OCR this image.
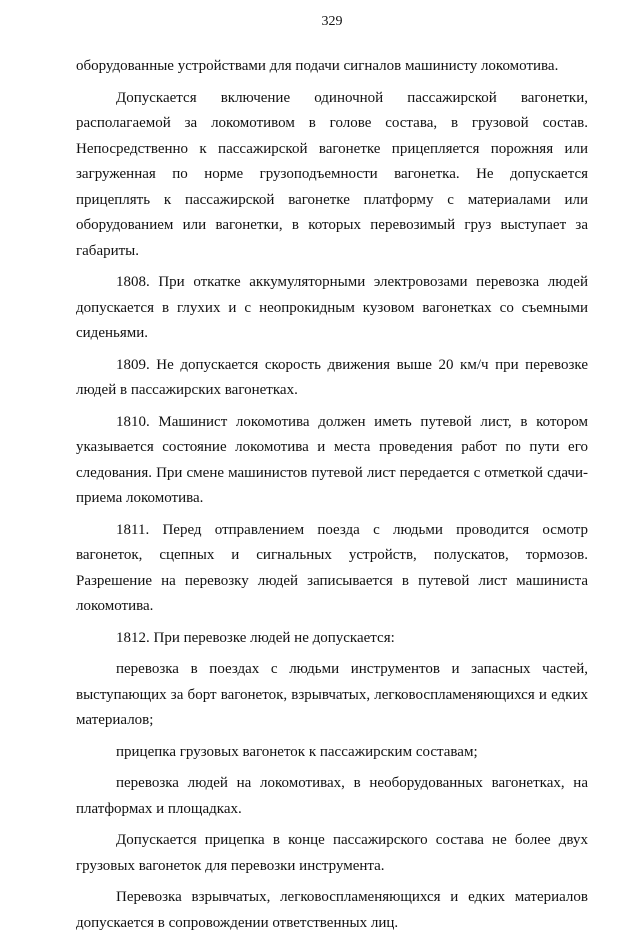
329

оборудованные устройствами для подачи сигналов машинисту локомотива.

Допускается включение одиночной пассажирской вагонетки, располагаемой за локомотивом в голове состава, в грузовой состав. Непосредственно к пассажирской вагонетке прицепляется порожняя или загруженная по норме грузоподъемности вагонетка. Не допускается прицеплять к пассажирской вагонетке платформу с материалами или оборудованием или вагонетки, в которых перевозимый груз выступает за габариты.

1808. При откатке аккумуляторными электровозами перевозка людей допускается в глухих и с неопрокидным кузовом вагонетках со съемными сиденьями.

1809. Не допускается скорость движения выше 20 км/ч при перевозке людей в пассажирских вагонетках.

1810. Машинист локомотива должен иметь путевой лист, в котором указывается состояние локомотива и места проведения работ по пути его следования. При смене машинистов путевой лист передается с отметкой сдачи-приема локомотива.

1811. Перед отправлением поезда с людьми проводится осмотр вагонеток, сцепных и сигнальных устройств, полускатов, тормозов. Разрешение на перевозку людей записывается в путевой лист машиниста локомотива.

1812. При перевозке людей не допускается:

перевозка в поездах с людьми инструментов и запасных частей, выступающих за борт вагонеток, взрывчатых, легковоспламеняющихся и едких материалов;

прицепка грузовых вагонеток к пассажирским составам;

перевозка людей на локомотивах, в необорудованных вагонетках, на платформах и площадках.

Допускается прицепка в конце пассажирского состава не более двух грузовых вагонеток для перевозки инструмента.

Перевозка взрывчатых, легковоспламеняющихся и едких материалов допускается в сопровождении ответственных лиц.
